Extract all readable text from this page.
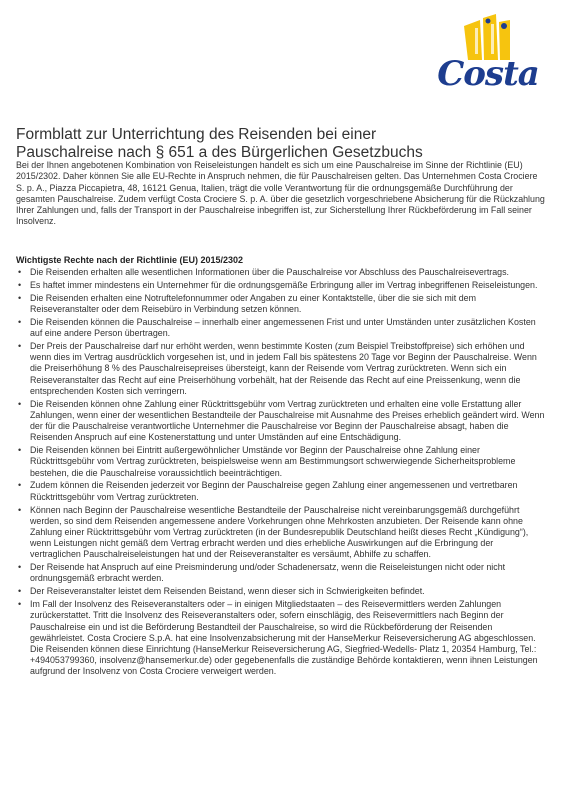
Costa
Formblatt zur Unterrichtung des Reisenden bei einer
Pauschalreise nach § 651 a des Bürgerlichen Gesetzbuchs

Bei der Ihnen angebotenen Kombination von Reiseleistungen handelt es sich um eine Pauschalreise im Sinne der Richtlinie (EU) 2015/2302. Daher können Sie alle EU-Rechte in Anspruch nehmen, die für Pauschalreisen gelten. Das Unternehmen Costa Crociere S. p. A., Piazza Piccapietra, 48, 16121 Genua, Italien, trägt die volle Verantwortung für die ordnungsgemäße Durchführung der gesamten Pauschalreise. Zudem verfügt Costa Crociere S. p. A. über die gesetzlich vorgeschriebene Absicherung für die Rückzahlung Ihrer Zahlungen und, falls der Transport in der Pauschalreise inbegriffen ist, zur Sicherstellung Ihrer Rückbeförderung im Fall seiner Insolvenz.

Wichtigste Rechte nach der Richtlinie (EU) 2015/2302

• Die Reisenden erhalten alle wesentlichen Informationen über die Pauschalreise vor Abschluss des Pauschalreisevertrags.
• Es haftet immer mindestens ein Unternehmer für die ordnungsgemäße Erbringung aller im Vertrag inbegriffenen Reiseleistungen.
• Die Reisenden erhalten eine Notruftelefonnummer oder Angaben zu einer Kontaktstelle, über die sie sich mit dem Reiseveranstalter oder dem Reisebüro in Verbindung setzen können.
• Die Reisenden können die Pauschalreise – innerhalb einer angemessenen Frist und unter Umständen unter zusätzlichen Kosten auf eine andere Person übertragen.
• Der Preis der Pauschalreise darf nur erhöht werden, wenn bestimmte Kosten (zum Beispiel Treibstoffpreise) sich erhöhen und wenn dies im Vertrag ausdrücklich vorgesehen ist, und in jedem Fall bis spätestens 20 Tage vor Beginn der Pauschalreise. Wenn die Preiserhöhung 8 % des Pauschalreisepreises übersteigt, kann der Reisende vom Vertrag zurücktreten. Wenn sich ein Reiseveranstalter das Recht auf eine Preiserhöhung vorbehält, hat der Reisende das Recht auf eine Preissenkung, wenn die entsprechenden Kosten sich verringern.
• Die Reisenden können ohne Zahlung einer Rücktrittsgebühr vom Vertrag zurücktreten und erhalten eine volle Erstattung aller Zahlungen, wenn einer der wesentlichen Bestandteile der Pauschalreise mit Ausnahme des Preises erheblich geändert wird. Wenn der für die Pauschalreise verantwortliche Unternehmer die Pauschalreise vor Beginn der Pauschalreise absagt, haben die Reisenden Anspruch auf eine Kostenerstattung und unter Umständen auf eine Entschädigung.
• Die Reisenden können bei Eintritt außergewöhnlicher Umstände vor Beginn der Pauschalreise ohne Zahlung einer Rücktrittsgebühr vom Vertrag zurücktreten, beispielsweise wenn am Bestimmungsort schwerwiegende Sicherheitsprobleme bestehen, die die Pauschalreise voraussichtlich beeinträchtigen.
• Zudem können die Reisenden jederzeit vor Beginn der Pauschalreise gegen Zahlung einer angemessenen und vertretbaren Rücktrittsgebühr vom Vertrag zurücktreten.
• Können nach Beginn der Pauschalreise wesentliche Bestandteile der Pauschalreise nicht vereinbarungsgemäß durchgeführt werden, so sind dem Reisenden angemessene andere Vorkehrungen ohne Mehrkosten anzubieten. Der Reisende kann ohne Zahlung einer Rücktrittsgebühr vom Vertrag zurücktreten (in der Bundesrepublik Deutschland heißt dieses Recht „Kündigung“), wenn Leistungen nicht gemäß dem Vertrag erbracht werden und dies erhebliche Auswirkungen auf die Erbringung der vertraglichen Pauschalreiseleistungen hat und der Reiseveranstalter es versäumt, Abhilfe zu schaffen.
• Der Reisende hat Anspruch auf eine Preisminderung und/oder Schadenersatz, wenn die Reiseleistungen nicht oder nicht ordnungsgemäß erbracht werden.
• Der Reiseveranstalter leistet dem Reisenden Beistand, wenn dieser sich in Schwierigkeiten befindet.
• Im Fall der Insolvenz des Reiseveranstalters oder – in einigen Mitgliedstaaten – des Reisevermittlers werden Zahlungen zurückerstattet. Tritt die Insolvenz des Reiseveranstalters oder, sofern einschlägig, des Reisevermittlers nach Beginn der Pauschalreise ein und ist die Beförderung Bestandteil der Pauschalreise, so wird die Rückbeförderung der Reisenden gewährleistet. Costa Crociere S.p.A. hat eine Insolvenzabsicherung mit der HanseMerkur Reiseversicherung AG abgeschlossen. Die Reisenden können diese Einrichtung (HanseMerkur Reiseversicherung AG, Siegfried-Wedells- Platz 1, 20354 Hamburg, Tel.: +494053799360, insolvenz@hansemerkur.de) oder gegebenenfalls die zuständige Behörde kontaktieren, wenn ihnen Leistungen aufgrund der Insolvenz von Costa Crociere verweigert werden.
